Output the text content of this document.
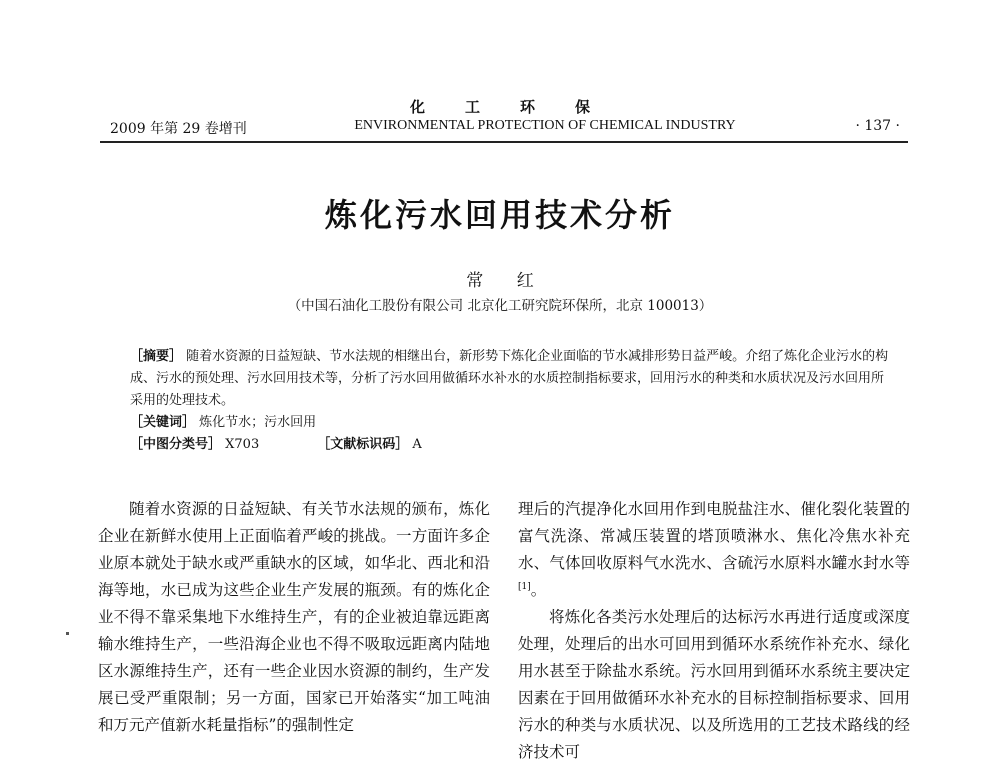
化工环保
2009 年第 29 卷增刊	ENVIRONMENTAL PROTECTION OF CHEMICAL INDUSTRY	· 137 ·
炼化污水回用技术分析
常 红
（中国石油化工股份有限公司 北京化工研究院环保所，北京 100013）

［摘要］ 随着水资源的日益短缺、节水法规的相继出台，新形势下炼化企业面临的节水减排形势日益严峻。介绍了炼化企业污水的构成、污水的预处理、污水回用技术等，分析了污水回用做循环水补水的水质控制指标要求，回用污水的种类和水质状况及污水回用所采用的处理技术。

［关键词］ 炼化节水；污水回用

［中图分类号］ X703	［文献标识码］ A

随着水资源的日益短缺、有关节水法规的颁布，炼化企业在新鲜水使用上正面临着严峻的挑战。一方面许多企业原本就处于缺水或严重缺水的区域，如华北、西北和沿海等地，水已成为这些企业生产发展的瓶颈。有的炼化企业不得不靠采集地下水维持生产，有的企业被迫靠远距离输水维持生产，一些沿海企业也不得不吸取远距离内陆地区水源维持生产，还有一些企业因水资源的制约，生产发展已受严重限制；另一方面，国家已开始落实“加工吨油和万元产值新水耗量指标”的强制性定

理后的汽提净化水回用作到电脱盐注水、催化裂化装置的富气洗涤、常减压装置的塔顶喷淋水、焦化冷焦水补充水、气体回收原料气水洗水、含硫污水原料水罐水封水等[1]。

将炼化各类污水处理后的达标污水再进行适度或深度处理，处理后的出水可回用到循环水系统作补充水、绿化用水甚至于除盐水系统。污水回用到循环水系统主要决定因素在于回用做循环水补充水的目标控制指标要求、回用污水的种类与水质状况、以及所选用的工艺技术路线的经济技术可
